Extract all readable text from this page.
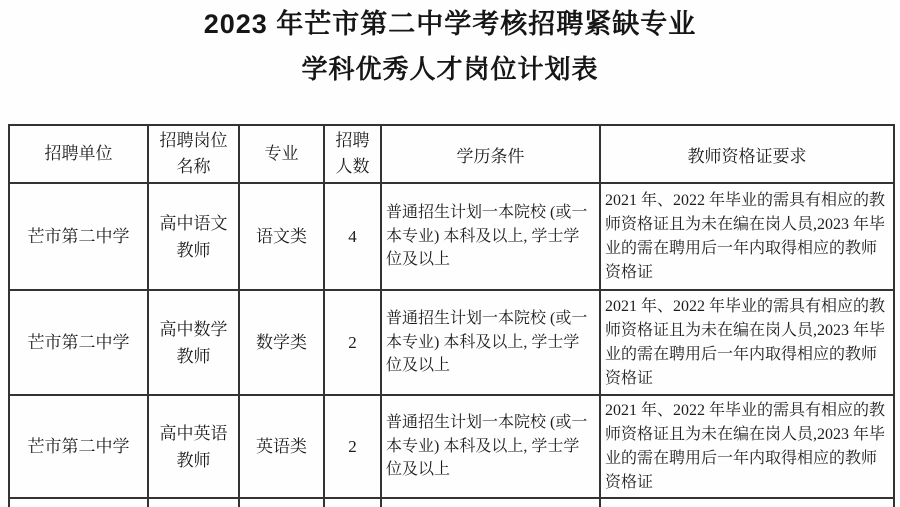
2023 年芒市第二中学考核招聘紧缺专业
学科优秀人才岗位计划表
招聘单位	招聘岗位名称	专业	招聘人数	学历条件	教师资格证要求
芒市第二中学	高中语文教师	语文类	4	普通招生计划一本院校 (或一本专业) 本科及以上, 学士学位及以上	2021 年、2022 年毕业的需具有相应的教师资格证且为未在编在岗人员,2023 年毕业的需在聘用后一年内取得相应的教师资格证
芒市第二中学	高中数学教师	数学类	2	普通招生计划一本院校 (或一本专业) 本科及以上, 学士学位及以上	2021 年、2022 年毕业的需具有相应的教师资格证且为未在编在岗人员,2023 年毕业的需在聘用后一年内取得相应的教师资格证
芒市第二中学	高中英语教师	英语类	2	普通招生计划一本院校 (或一本专业) 本科及以上, 学士学位及以上	2021 年、2022 年毕业的需具有相应的教师资格证且为未在编在岗人员,2023 年毕业的需在聘用后一年内取得相应的教师资格证
